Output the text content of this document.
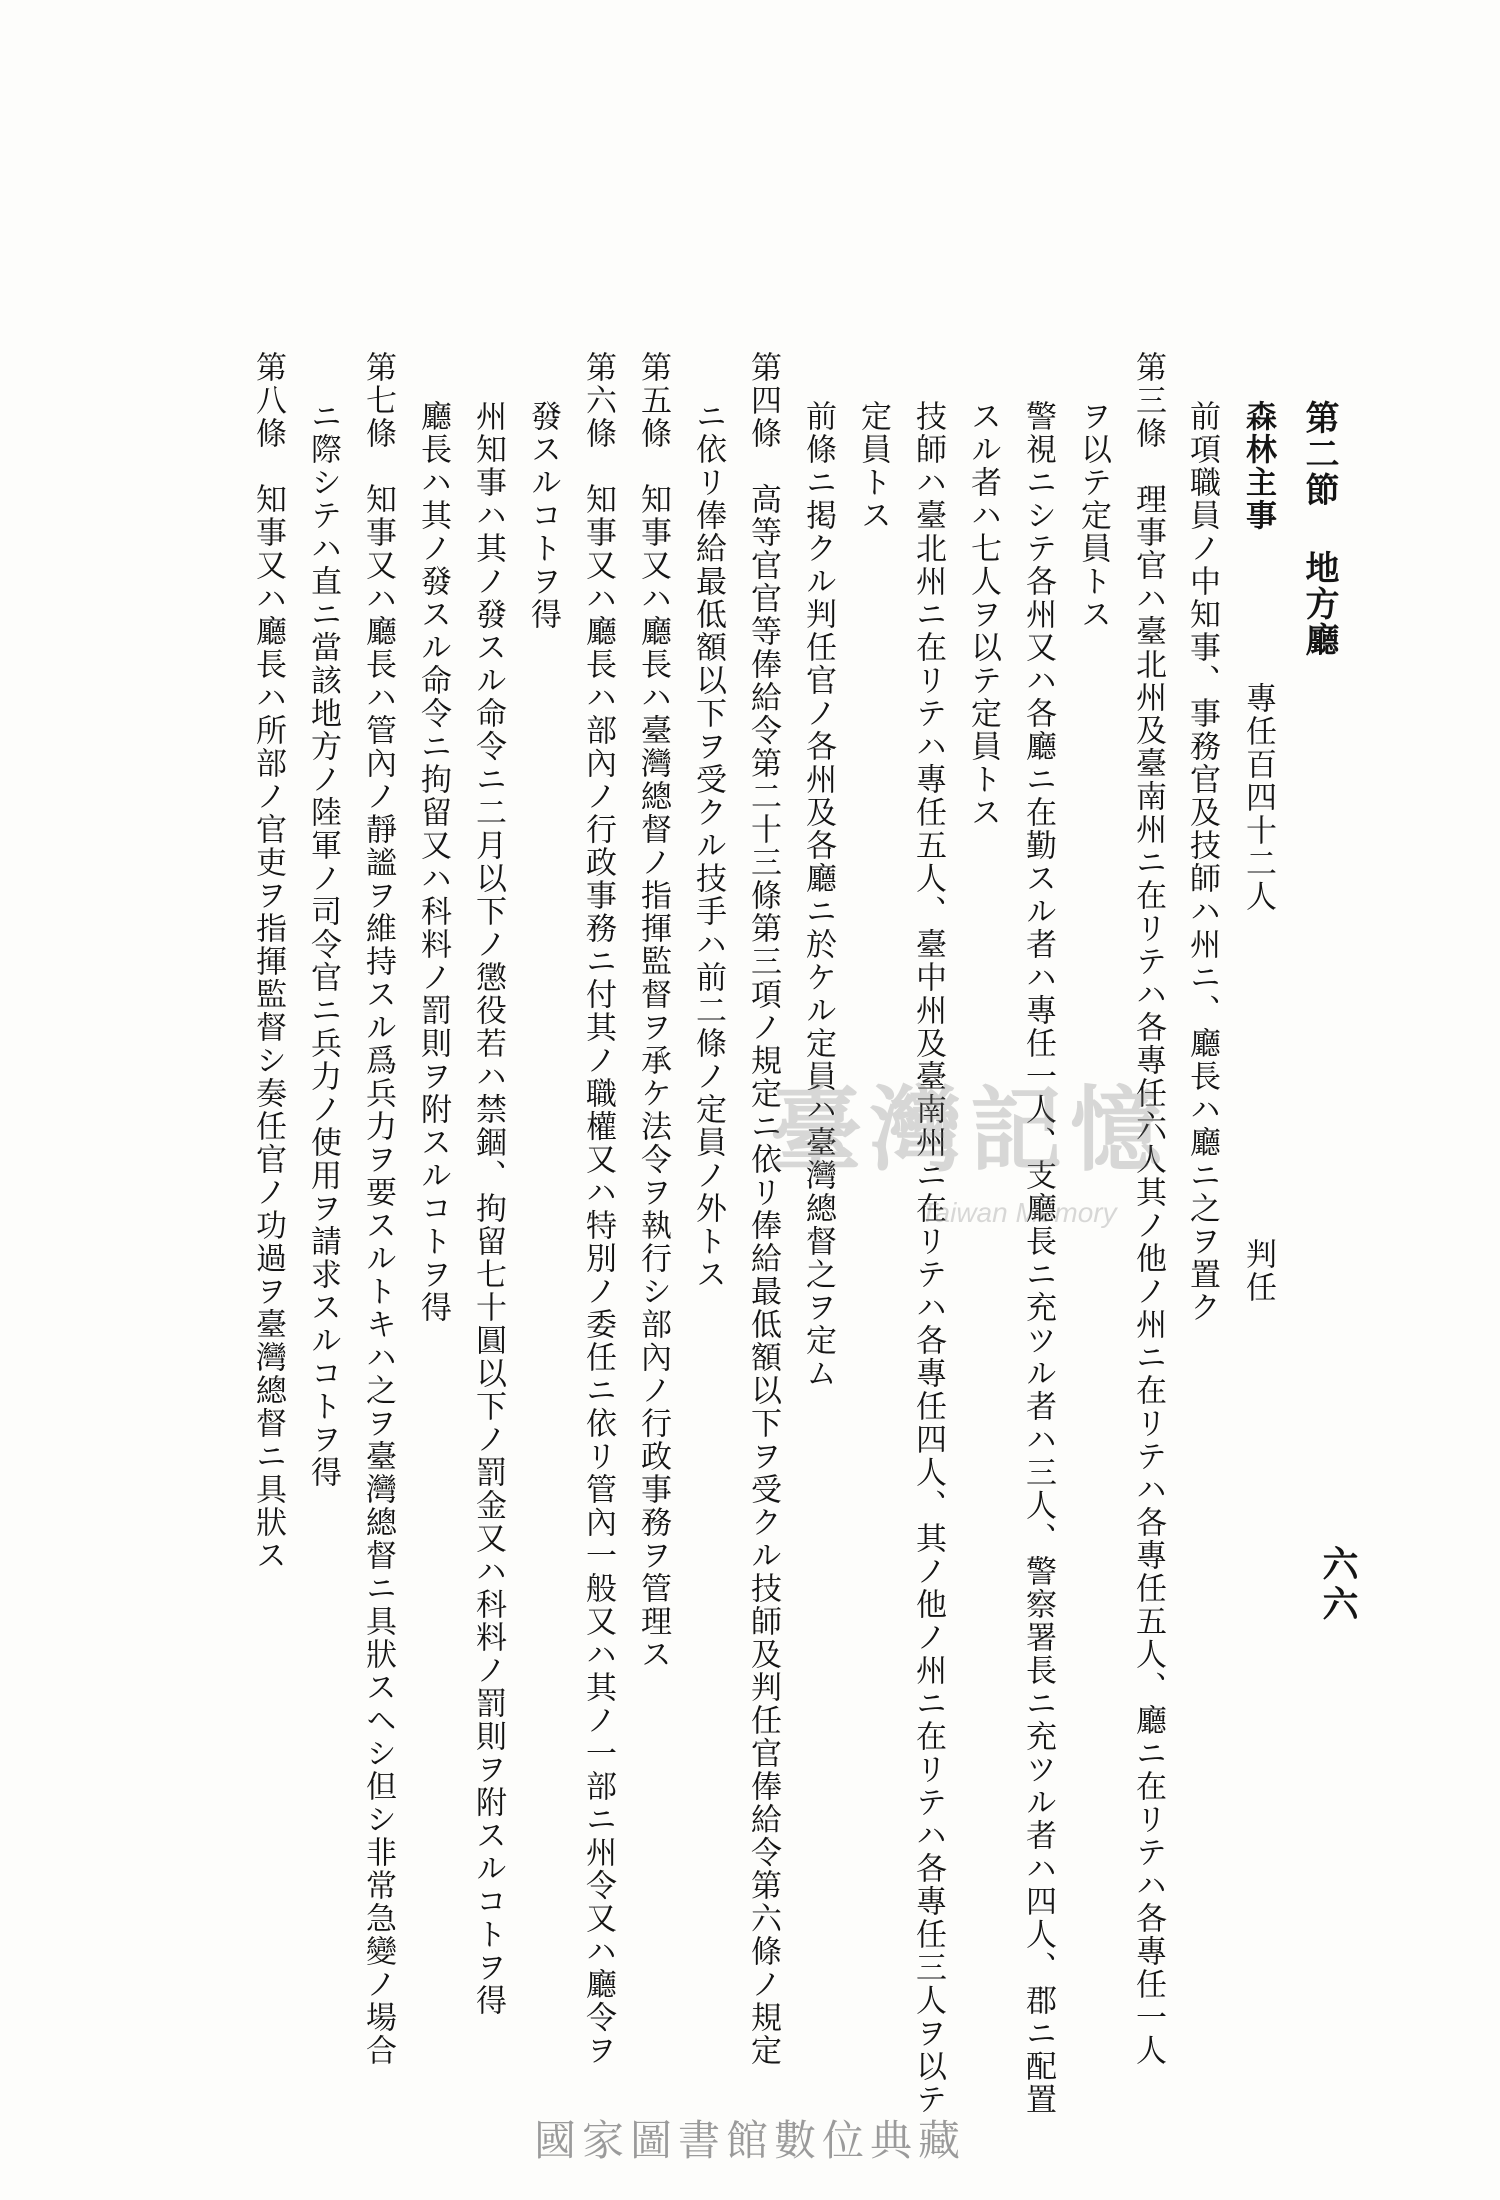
六六
第二節 地方廳
森林主事專任百四十二人判任
前項職員ノ中知事、事務官及技師ハ州ニ、廳長ハ廳ニ之ヲ置ク
第三條　理事官ハ臺北州及臺南州ニ在リテハ各專任六人其ノ他ノ州ニ在リテハ各專任五人、廳ニ在リテハ各專任一人
ヲ以テ定員トス
警視ニシテ各州又ハ各廳ニ在勤スル者ハ專任一人、支廳長ニ充ツル者ハ三人、警察署長ニ充ツル者ハ四人、郡ニ配置
スル者ハ七人ヲ以テ定員トス
技師ハ臺北州ニ在リテハ專任五人、臺中州及臺南州ニ在リテハ各專任四人、其ノ他ノ州ニ在リテハ各專任三人ヲ以テ
定員トス
前條ニ掲クル判任官ノ各州及各廳ニ於ケル定員ハ臺灣總督之ヲ定ム
第四條　高等官官等俸給令第二十三條第三項ノ規定ニ依リ俸給最低額以下ヲ受クル技師及判任官俸給令第六條ノ規定
ニ依リ俸給最低額以下ヲ受クル技手ハ前二條ノ定員ノ外トス
第五條　知事又ハ廳長ハ臺灣總督ノ指揮監督ヲ承ケ法令ヲ執行シ部內ノ行政事務ヲ管理ス
第六條　知事又ハ廳長ハ部內ノ行政事務ニ付其ノ職權又ハ特別ノ委任ニ依リ管內一般又ハ其ノ一部ニ州令又ハ廳令ヲ
發スルコトヲ得
州知事ハ其ノ發スル命令ニ二月以下ノ懲役若ハ禁錮、拘留七十圓以下ノ罰金又ハ科料ノ罰則ヲ附スルコトヲ得
廳長ハ其ノ發スル命令ニ拘留又ハ科料ノ罰則ヲ附スルコトヲ得
第七條　知事又ハ廳長ハ管內ノ靜謐ヲ維持スル爲兵力ヲ要スルトキハ之ヲ臺灣總督ニ具狀スヘシ但シ非常急變ノ場合
ニ際シテハ直ニ當該地方ノ陸軍ノ司令官ニ兵力ノ使用ヲ請求スルコトヲ得
第八條　知事又ハ廳長ハ所部ノ官吏ヲ指揮監督シ奏任官ノ功過ヲ臺灣總督ニ具狀ス	臺灣記憶
Taiwan Memory
國家圖書館數位典藏
